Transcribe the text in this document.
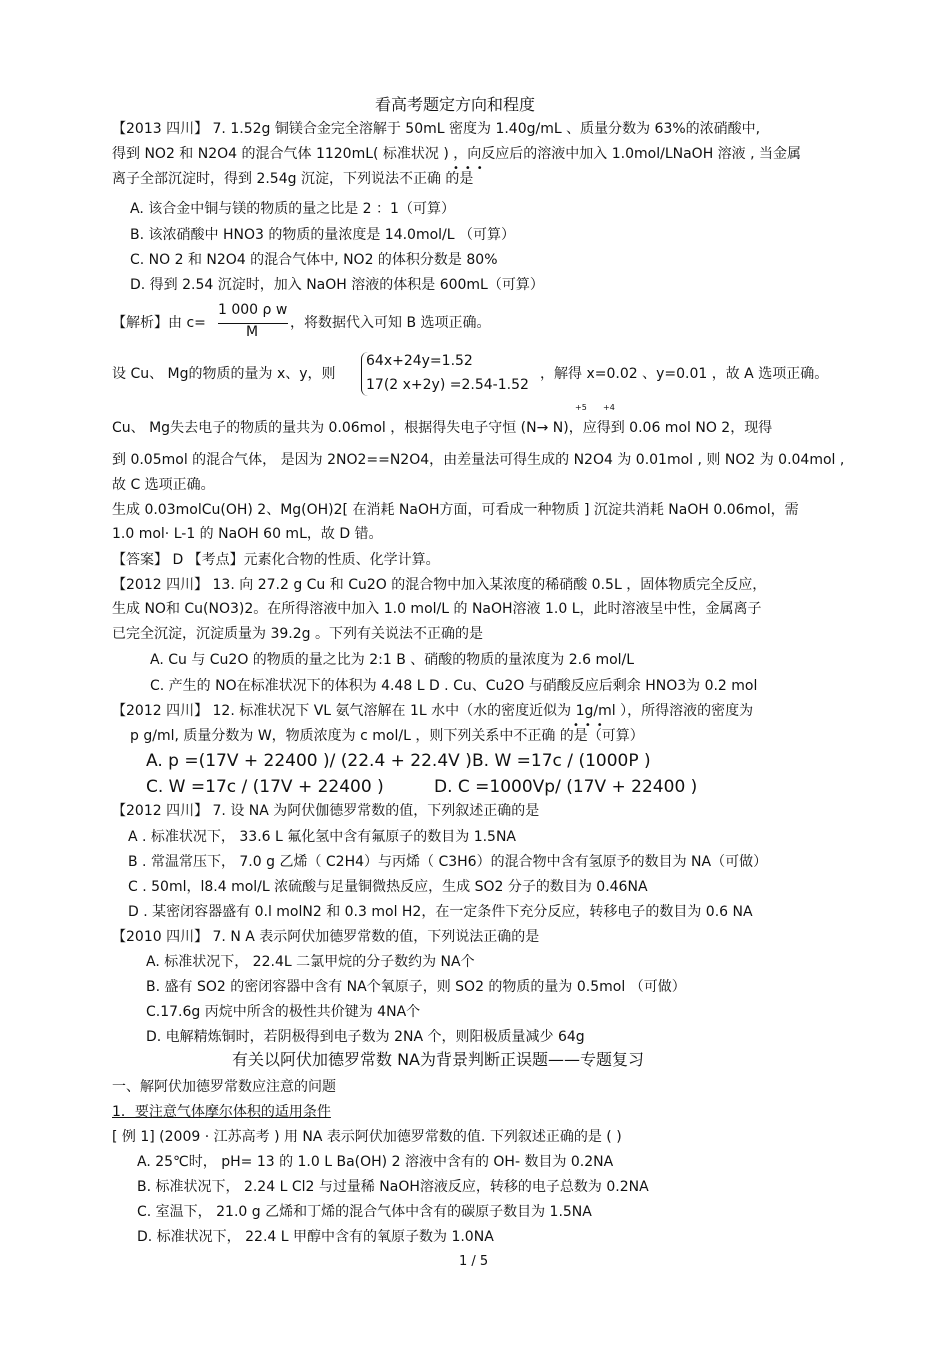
看高考题定方向和程度
【2013 四川】 7. 1.52g 铜镁合金完全溶解于 50mL 密度为 1.40g/mL 、质量分数为 63%的浓硝酸中,
得到 NO2 和 N2O4 的混合气体 1120mL( 标准状况 ) ，向反应后的溶液中加入 1.0mol/LNaOH 溶液 , 当金属
离子全部沉淀时，得到 2.54g 沉淀，下列说法不正确 的是
•••
A. 该合金中铜与镁的物质的量之比是 2 ：1（可算）
B. 该浓硝酸中 HNO3 的物质的量浓度是 14.0mol/L （可算）
C. NO 2 和 N2O4 的混合气体中, NO2 的体积分数是 80%
D. 得到 2.54 沉淀时，加入 NaOH 溶液的体积是 600mL（可算）
【解析】由 c=
1 000 ρ w
M
，将数据代入可知 B 选项正确。
设 Cu、 Mg的物质的量为 x、y，则
64x+24y=1.52
17(2 x+2y) =2.54-1.52
，解得 x=0.02 、y=0.01 ，故 A 选项正确。
+5 +4
Cu、 Mg失去电子的物质的量共为 0.06mol ，根据得失电子守恒 (N→ N)，应得到 0.06 mol NO 2，现得
到 0.05mol 的混合气体， 是因为 2NO2==N2O4，由差量法可得生成的 N2O4 为 0.01mol , 则 NO2 为 0.04mol ,
故 C 选项正确。
生成 0.03molCu(OH) 2、Mg(OH)2[ 在消耗 NaOH方面，可看成一种物质 ] 沉淀共消耗 NaOH 0.06mol，需
1.0 mol· L-1 的 NaOH 60 mL，故 D 错。
【答案】 D 【考点】元素化合物的性质、化学计算。
【2012 四川】 13. 向 27.2 g Cu 和 Cu2O 的混合物中加入某浓度的稀硝酸 0.5L ，固体物质完全反应，
生成 NO和 Cu(NO3)2。在所得溶液中加入 1.0 mol/L 的 NaOH溶液 1.0 L，此时溶液呈中性，金属离子
已完全沉淀，沉淀质量为 39.2g 。下列有关说法不正确的是
A. Cu 与 Cu2O 的物质的量之比为 2:1 B 、硝酸的物质的量浓度为 2.6 mol/L
C. 产生的 NO在标准状况下的体积为 4.48 L D . Cu、Cu2O 与硝酸反应后剩余 HNO3为 0.2 mol
【2012 四川】 12. 标准状况下 VL 氨气溶解在 1L 水中（水的密度近似为 1g/ml ），所得溶液的密度为
p g/ml, 质量分数为 W，物质浓度为 c mol/L ，则下列关系中不正确 的是（可算）
•••
A. p =(17V + 22400 )/ (22.4 + 22.4V ) B. W =17c / (1000P )
C. W =17c / (17V + 22400 )	D. C =1000Vp/ (17V + 22400 )
【2012 四川】 7. 设 NA 为阿伏伽德罗常数的值，下列叙述正确的是
A . 标准状况下， 33.6 L 氟化氢中含有氟原子的数目为 1.5NA
B . 常温常压下， 7.0 g 乙烯（ C2H4）与丙烯（ C3H6）的混合物中含有氢原予的数目为 NA（可做）
C . 50ml，l8.4 mol/L 浓硫酸与足量铜微热反应，生成 SO2 分子的数目为 0.46NA
D . 某密闭容器盛有 0.l molN2 和 0.3 mol H2，在一定条件下充分反应，转移电子的数目为 0.6 NA
【2010 四川】 7. N A 表示阿伏加德罗常数的值，下列说法正确的是
A. 标准状况下， 22.4L 二氯甲烷的分子数约为 NA个
B. 盛有 SO2 的密闭容器中含有 NA个氧原子，则 SO2 的物质的量为 0.5mol （可做）
C.17.6g 丙烷中所含的极性共价键为 4NA个
D. 电解精炼铜时，若阴极得到电子数为 2NA 个，则阳极质量减少 64g
有关以阿伏加德罗常数 NA为背景判断正误题——专题复习
一、解阿伏加德罗常数应注意的问题
1．要注意气体摩尔体积的适用条件
[ 例 1] (2009 · 江苏高考 ) 用 NA 表示阿伏加德罗常数的值. 下列叙述正确的是 ( )
A. 25℃时， pH= 13 的 1.0 L Ba(OH) 2 溶液中含有的 OH- 数目为 0.2NA
B. 标准状况下， 2.24 L Cl2 与过量稀 NaOH溶液反应，转移的电子总数为 0.2NA
C. 室温下， 21.0 g 乙烯和丁烯的混合气体中含有的碳原子数目为 1.5NA
D. 标准状况下， 22.4 L 甲醇中含有的氧原子数为 1.0NA
1 / 5
